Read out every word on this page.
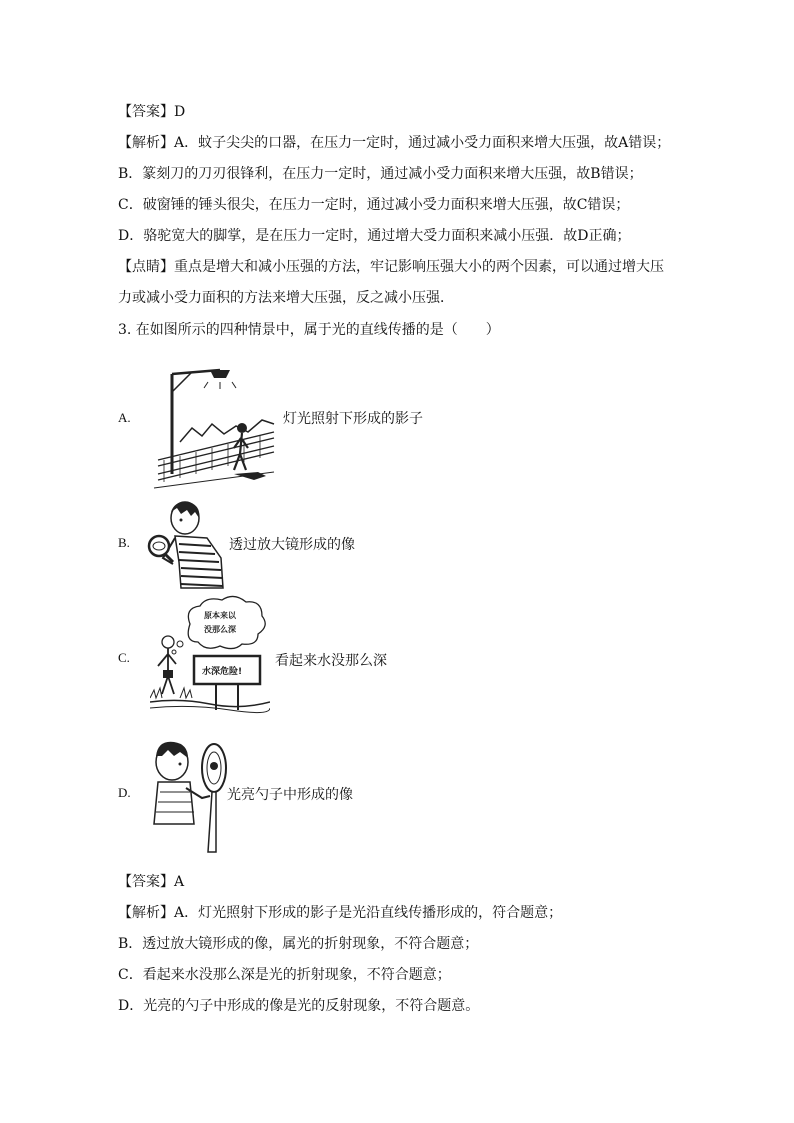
【答案】D
【解析】A．蚊子尖尖的口器，在压力一定时，通过减小受力面积来增大压强，故A错误；
B．篆刻刀的刀刃很锋利，在压力一定时，通过减小受力面积来增大压强，故B错误；
C．破窗锤的锤头很尖，在压力一定时，通过减小受力面积来增大压强，故C错误；
D．骆驼宽大的脚掌，是在压力一定时，通过增大受力面积来减小压强．故D正确；
【点睛】重点是增大和减小压强的方法，牢记影响压强大小的两个因素，可以通过增大压
力或减小受力面积的方法来增大压强，反之减小压强．
3. 在如图所示的四种情景中，属于光的直线传播的是（　　）
A.	灯光照射下形成的影子
B.	透过放大镜形成的像
C.
原本来以
没那么深
水深危险!
看起来水没那么深
D.	光亮勺子中形成的像
【答案】A
【解析】A．灯光照射下形成的影子是光沿直线传播形成的，符合题意；
B．透过放大镜形成的像，属光的折射现象，不符合题意；
C．看起来水没那么深是光的折射现象，不符合题意；
D．光亮的勺子中形成的像是光的反射现象，不符合题意。
